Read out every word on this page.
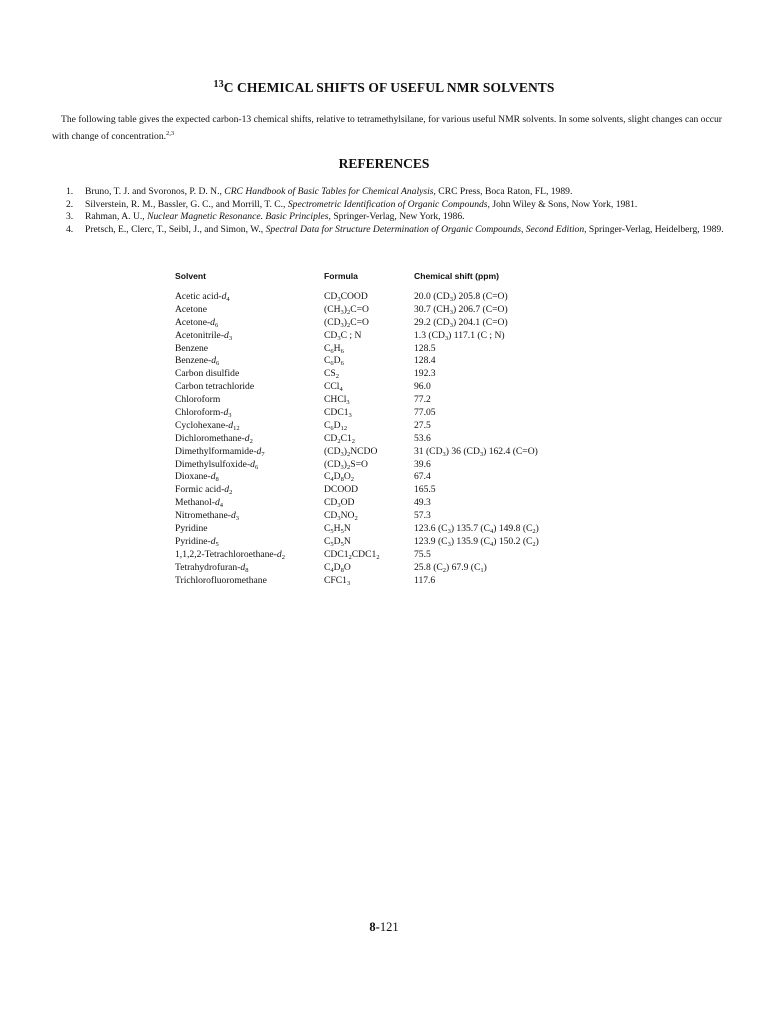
$^{13}$C CHEMICAL SHIFTS OF USEFUL NMR SOLVENTS
The following table gives the expected carbon-13 chemical shifts, relative to tetramethylsilane, for various useful NMR solvents. In some solvents, slight changes can occur with change of concentration.$^{2,3}$
REFERENCES
1. Bruno, T. J. and Svoronos, P. D. N., CRC Handbook of Basic Tables for Chemical Analysis, CRC Press, Boca Raton, FL, 1989.
2. Silverstein, R. M., Bassler, G. C., and Morrill, T. C., Spectrometric Identification of Organic Compounds, John Wiley & Sons, Now York, 1981.
3. Rahman, A. U., Nuclear Magnetic Resonance. Basic Principles, Springer-Verlag, New York, 1986.
4. Pretsch, E., Clerc, T., Seibl, J., and Simon, W., Spectral Data for Structure Determination of Organic Compounds, Second Edition, Springer-Verlag, Heidelberg, 1989.
Solvent	Formula	Chemical shift (ppm)
Acetic acid-$d_4$	$CD_3COOD$	20.0 $(CD_3)$ 205.8 (C=O)
Acetone	$(CH_3)_2C=O$	30.7 $(CH_3)$ 206.7 (C=O)
Acetone-$d_6$	$(CD_3)_2C=O$	29.2 $(CD_3)$ 204.1 (C=O)
Acetonitrile-$d_3$	$CD_3C$ ; N	1.3 $(CD_3)$ 117.1 (C ; N)
Benzene	$C_6H_6$	128.5
Benzene-$d_6$	$C_6D_6$	128.4
Carbon disulfide	$CS_2$	192.3
Carbon tetrachloride	CCl$_4$	96.0
Chloroform	CHCl$_3$	77.2
Chloroform-$d_3$	$CDC1_3$	77.05
Cyclohexane-$d_{12}$	$C_6D_{12}$	27.5
Dichloromethane-$d_2$	$CD_2C1_2$	53.6
Dimethylformamide-$d_7$	$(CD_3)_2NCDO$	31 $(CD_3)$ 36 $(CD_3)$ 162.4 (C=O)
Dimethylsulfoxide-$d_6$	$(CD_3)_2S=O$	39.6
Dioxane-$d_8$	$C_4D_8O_2$	67.4
Formic acid-$d_2$	DCOOD	165.5
Methanol-$d_4$	$CD_3OD$	49.3
Nitromethane-$d_3$	$CD_3NO_2$	57.3
Pyridine	$C_5H_5N$	123.6 $(C_3)$ 135.7 $(C_4)$ 149.8 $(C_2)$
Pyridine-$d_5$	$C_5D_5N$	123.9 $(C_3)$ 135.9 $(C_4)$ 150.2 $(C_2)$
$1,1,2,2-Tetrachloroethane-d_2$	$CDC1_2CDC1_2$	75.5
Tetrahydrofuran-$d_8$	$C_4D_8O$	25.8 $(C_2)$ 67.9 $(C_1)$
Trichlorofluoromethane	$CFC1_3$	117.6
8-121
